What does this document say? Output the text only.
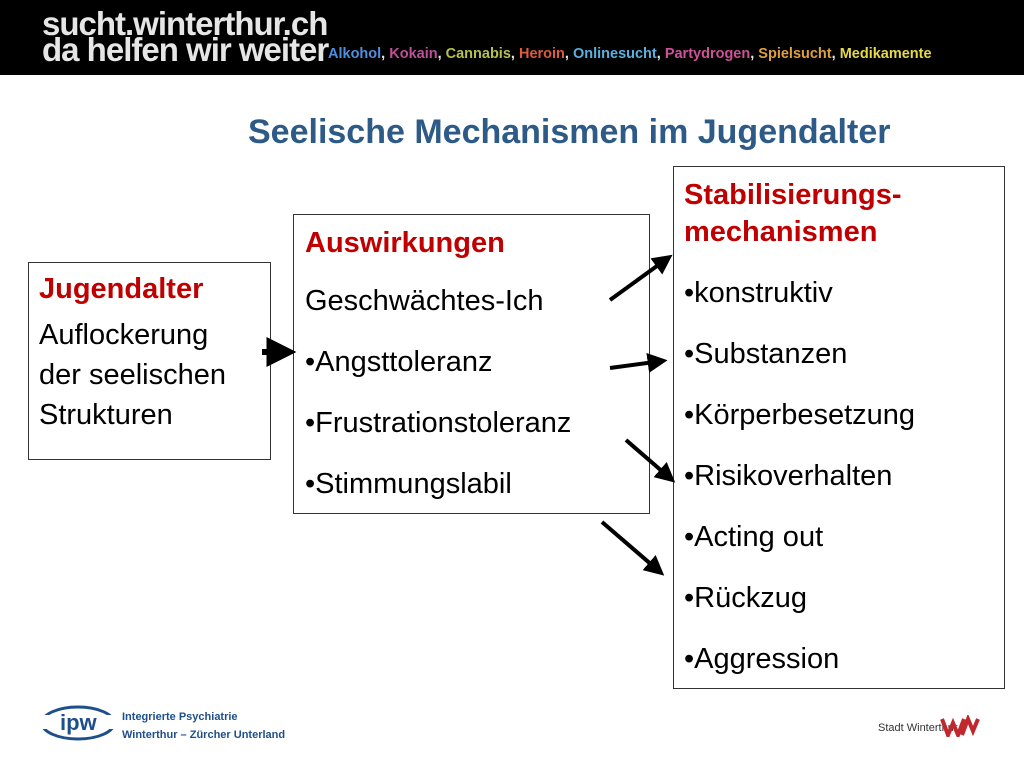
sucht.winterthur.ch
da helfen wir weiter Alkohol, Kokain, Cannabis, Heroin, Onlinesucht, Partydrogen, Spielsucht, Medikamente
Seelische Mechanismen im Jugendalter
Jugendalter
Auflockerung
der seelischen
Strukturen
Auswirkungen
Geschwächtes-Ich
•Angsttoleranz
•Frustrationstoleranz
•Stimmungslabil
Stabilisierungs-
mechanismen
•konstruktiv
•Substanzen
•Körperbesetzung
•Risikoverhalten
•Acting out
•Rückzug
•Aggression
ipw Integrierte Psychiatrie
Winterthur – Zürcher Unterland
Stadt Winterthur
